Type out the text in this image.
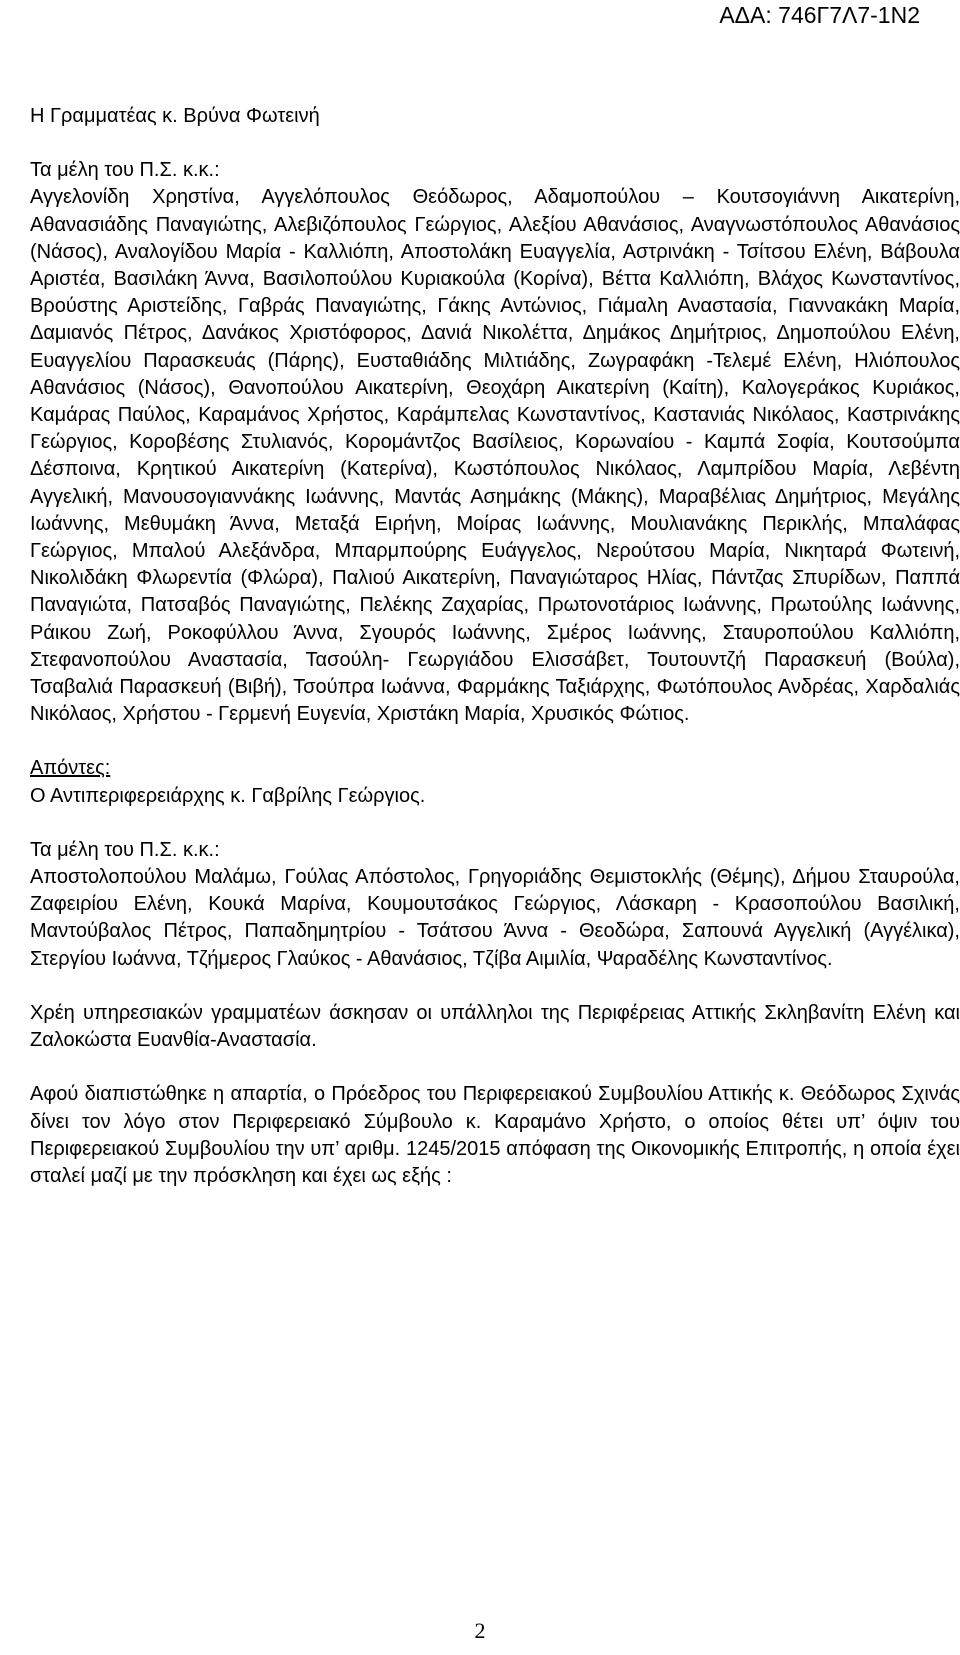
ΑΔΑ: 746Γ7Λ7-1Ν2

Η Γραμματέας κ. Βρύνα Φωτεινή

Τα μέλη του Π.Σ. κ.κ.:

Αγγελονίδη Χρηστίνα, Αγγελόπουλος Θεόδωρος, Αδαμοπούλου – Κουτσογιάννη Αικατερίνη, Αθανασιάδης Παναγιώτης, Αλεβιζόπουλος Γεώργιος, Αλεξίου Αθανάσιος, Αναγνωστόπουλος Αθανάσιος (Νάσος), Αναλογίδου Μαρία - Καλλιόπη, Αποστολάκη Ευαγγελία, Αστρινάκη - Τσίτσου Ελένη, Βάβουλα Αριστέα, Βασιλάκη Άννα, Βασιλοπούλου Κυριακούλα (Κορίνα), Βέττα Καλλιόπη, Βλάχος Κωνσταντίνος, Βρούστης Αριστείδης, Γαβράς Παναγιώτης, Γάκης Αντώνιος, Γιάμαλη Αναστασία, Γιαννακάκη Μαρία, Δαμιανός Πέτρος, Δανάκος Χριστόφορος, Δανιά Νικολέττα, Δημάκος Δημήτριος, Δημοπούλου Ελένη, Ευαγγελίου Παρασκευάς (Πάρης), Ευσταθιάδης Μιλτιάδης, Ζωγραφάκη -Τελεμέ Ελένη, Ηλιόπουλος Αθανάσιος (Νάσος), Θανοπούλου Αικατερίνη, Θεοχάρη Αικατερίνη (Καίτη), Καλογεράκος Κυριάκος, Καμάρας Παύλος, Καραμάνος Χρήστος, Καράμπελας Κωνσταντίνος, Καστανιάς Νικόλαος, Καστρινάκης Γεώργιος, Κοροβέσης Στυλιανός, Κορομάντζος Βασίλειος, Κορωναίου - Καμπά Σοφία, Κουτσούμπα Δέσποινα, Κρητικού Αικατερίνη (Κατερίνα), Κωστόπουλος Νικόλαος, Λαμπρίδου Μαρία, Λεβέντη Αγγελική, Μανουσογιαννάκης Ιωάννης, Μαντάς Ασημάκης (Μάκης), Μαραβέλιας Δημήτριος, Μεγάλης Ιωάννης, Μεθυμάκη Άννα, Μεταξά Ειρήνη, Μοίρας Ιωάννης, Μουλιανάκης Περικλής, Μπαλάφας Γεώργιος, Μπαλού Αλεξάνδρα, Μπαρμπούρης Ευάγγελος, Νερούτσου Μαρία, Νικηταρά Φωτεινή, Νικολιδάκη Φλωρεντία (Φλώρα), Παλιού Αικατερίνη, Παναγιώταρος Ηλίας, Πάντζας Σπυρίδων, Παππά Παναγιώτα, Πατσαβός Παναγιώτης, Πελέκης Ζαχαρίας, Πρωτονοτάριος Ιωάννης, Πρωτούλης Ιωάννης, Ράικου Ζωή, Ροκοφύλλου Άννα, Σγουρός Ιωάννης, Σμέρος Ιωάννης, Σταυροπούλου Καλλιόπη, Στεφανοπούλου Αναστασία, Τασούλη- Γεωργιάδου Ελισσάβετ, Τουτουντζή Παρασκευή (Βούλα), Τσαβαλιά Παρασκευή (Βιβή), Τσούπρα Ιωάννα, Φαρμάκης Ταξιάρχης, Φωτόπουλος Ανδρέας, Χαρδαλιάς Νικόλαος, Χρήστου - Γερμενή Ευγενία, Χριστάκη Μαρία, Χρυσικός Φώτιος.

Απόντες:

Ο Αντιπεριφερειάρχης κ. Γαβρίλης Γεώργιος.

Τα μέλη του Π.Σ. κ.κ.:

Αποστολοπούλου Μαλάμω, Γούλας Απόστολος, Γρηγοριάδης Θεμιστοκλής (Θέμης), Δήμου Σταυρούλα, Ζαφειρίου Ελένη, Κουκά Μαρίνα, Κουμουτσάκος Γεώργιος, Λάσκαρη - Κρασοπούλου Βασιλική, Μαντούβαλος Πέτρος, Παπαδημητρίου - Τσάτσου Άννα - Θεοδώρα, Σαπουνά Αγγελική (Αγγέλικα), Στεργίου Ιωάννα, Τζήμερος Γλαύκος - Αθανάσιος, Τζίβα Αιμιλία, Ψαραδέλης Κωνσταντίνος.

Χρέη υπηρεσιακών γραμματέων άσκησαν οι υπάλληλοι της Περιφέρειας Αττικής Σκληβανίτη Ελένη και Ζαλοκώστα Ευανθία-Αναστασία.

Αφού διαπιστώθηκε η απαρτία, ο Πρόεδρος του Περιφερειακού Συμβουλίου Αττικής κ. Θεόδωρος Σχινάς δίνει τον λόγο στον Περιφερειακό Σύμβουλο κ. Καραμάνο Χρήστο, ο οποίος θέτει υπ’ όψιν του Περιφερειακού Συμβουλίου την υπ’ αριθμ. 1245/2015 απόφαση της Οικονομικής Επιτροπής, η οποία έχει σταλεί μαζί με την πρόσκληση και έχει ως εξής :

2
